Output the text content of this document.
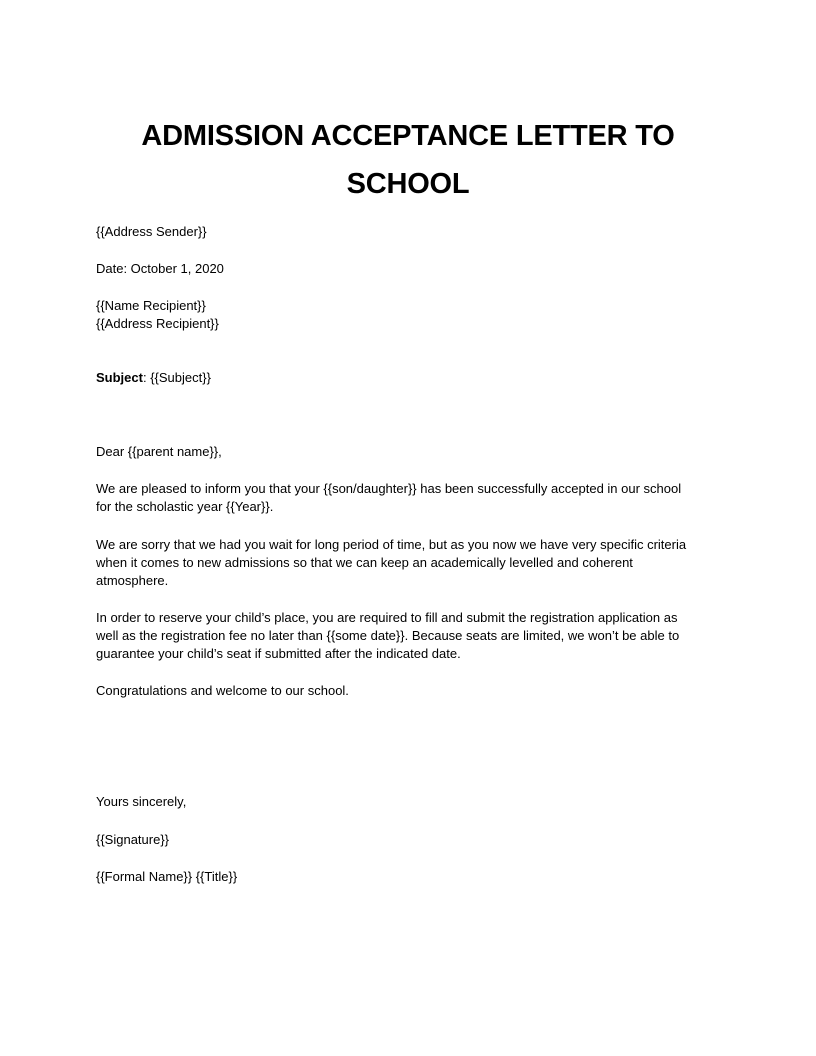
ADMISSION ACCEPTANCE LETTER TO
SCHOOL
{{Address Sender}}
Date: October 1, 2020
{{Name Recipient}}
{{Address Recipient}}
Subject: {{Subject}}
Dear {{parent name}},
We are pleased to inform you that your {{son/daughter}} has been successfully accepted in our school
for the scholastic year {{Year}}.
We are sorry that we had you wait for long period of time, but as you now we have very specific criteria
when it comes to new admissions so that we can keep an academically levelled and coherent
atmosphere.
In order to reserve your child’s place, you are required to fill and submit the registration application as
well as the registration fee no later than {{some date}}. Because seats are limited, we won’t be able to
guarantee your child’s seat if submitted after the indicated date.
Congratulations and welcome to our school.
Yours sincerely,
{{Signature}}
{{Formal Name}} {{Title}}
